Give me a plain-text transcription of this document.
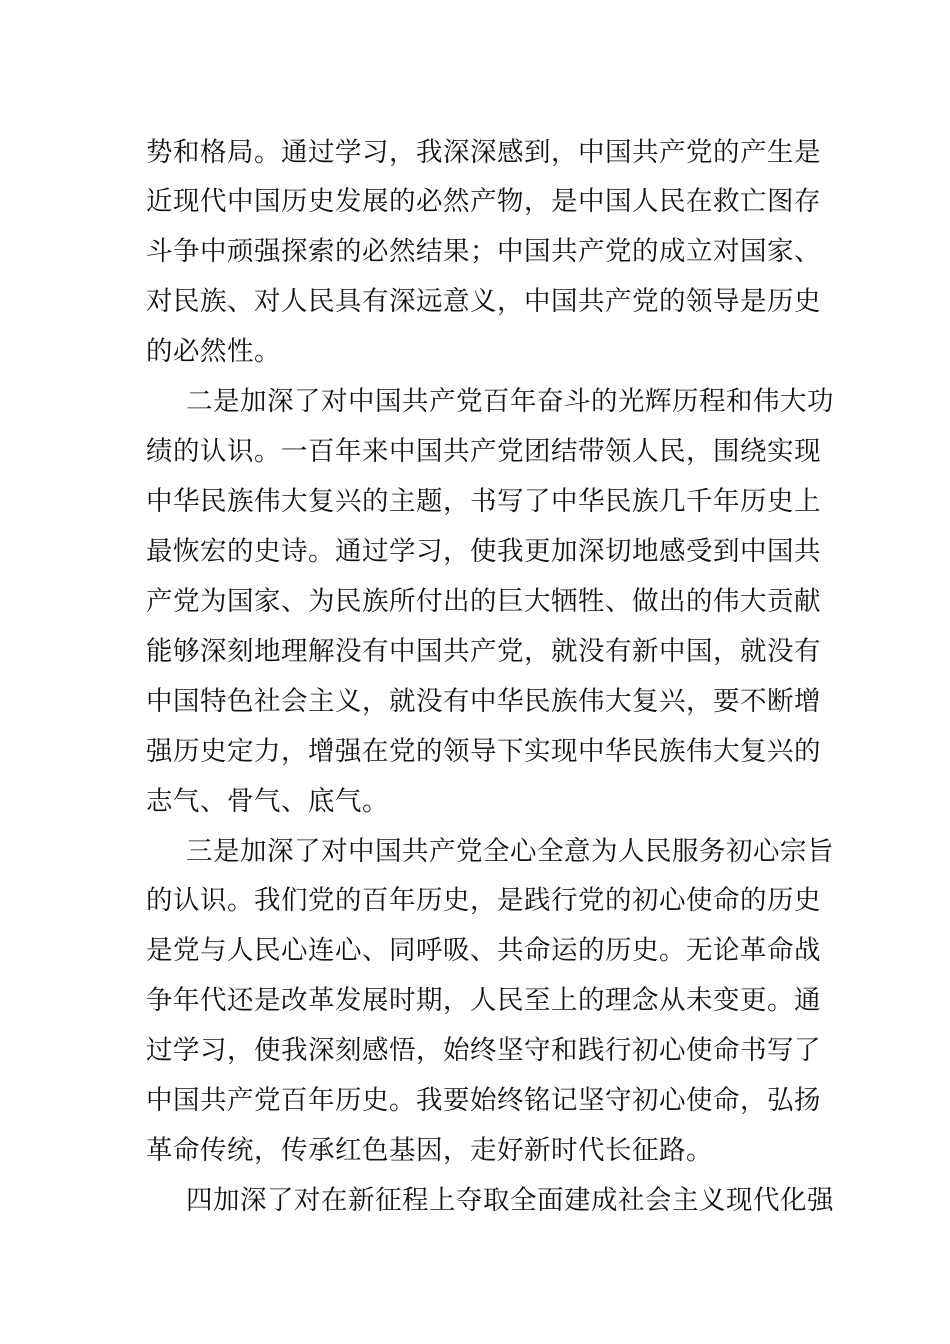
势和格局。通过学习，我深深感到，中国共产党的产生是
近现代中国历史发展的必然产物，是中国人民在救亡图存
斗争中顽强探索的必然结果；中国共产党的成立对国家、
对民族、对人民具有深远意义，中国共产党的领导是历史
的必然性。
二是加深了对中国共产党百年奋斗的光辉历程和伟大功
绩的认识。一百年来中国共产党团结带领人民，围绕实现
中华民族伟大复兴的主题，书写了中华民族几千年历史上
最恢宏的史诗。通过学习，使我更加深切地感受到中国共
产党为国家、为民族所付出的巨大牺牲、做出的伟大贡献
能够深刻地理解没有中国共产党，就没有新中国，就没有
中国特色社会主义，就没有中华民族伟大复兴，要不断增
强历史定力，增强在党的领导下实现中华民族伟大复兴的
志气、骨气、底气。
三是加深了对中国共产党全心全意为人民服务初心宗旨
的认识。我们党的百年历史，是践行党的初心使命的历史
是党与人民心连心、同呼吸、共命运的历史。无论革命战
争年代还是改革发展时期，人民至上的理念从未变更。通
过学习，使我深刻感悟，始终坚守和践行初心使命书写了
中国共产党百年历史。我要始终铭记坚守初心使命，弘扬
革命传统，传承红色基因，走好新时代长征路。
四加深了对在新征程上夺取全面建成社会主义现代化强
